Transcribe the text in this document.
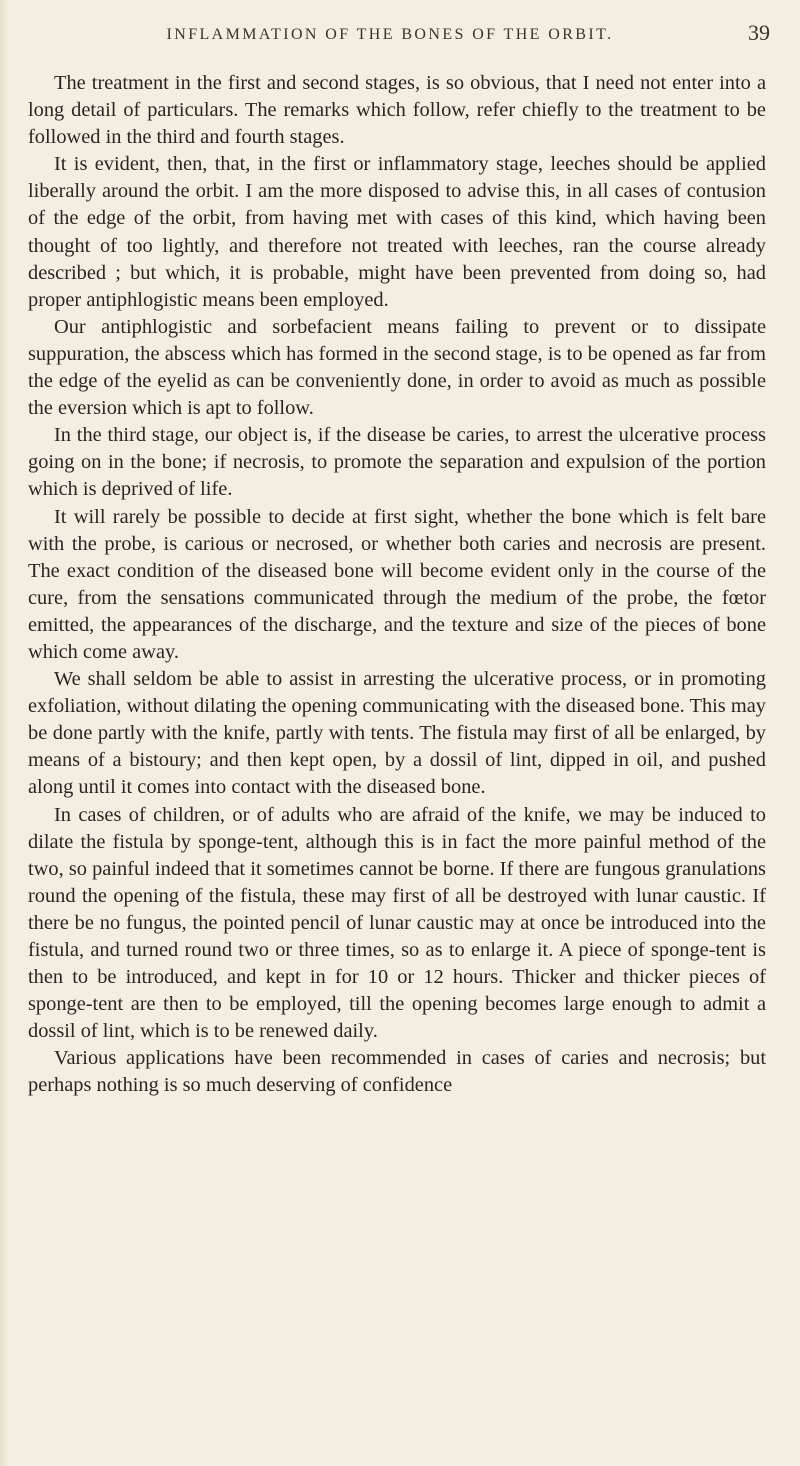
INFLAMMATION OF THE BONES OF THE ORBIT.	39

The treatment in the first and second stages, is so obvious, that I need not enter into a long detail of particulars. The remarks which follow, refer chiefly to the treatment to be followed in the third and fourth stages.

It is evident, then, that, in the first or inflammatory stage, leeches should be applied liberally around the orbit. I am the more disposed to advise this, in all cases of contusion of the edge of the orbit, from having met with cases of this kind, which having been thought of too lightly, and therefore not treated with leeches, ran the course already described ; but which, it is probable, might have been prevented from doing so, had proper antiphlogistic means been employed.

Our antiphlogistic and sorbefacient means failing to prevent or to dissipate suppuration, the abscess which has formed in the second stage, is to be opened as far from the edge of the eyelid as can be conveniently done, in order to avoid as much as possible the eversion which is apt to follow.

In the third stage, our object is, if the disease be caries, to arrest the ulcerative process going on in the bone; if necrosis, to promote the separation and expulsion of the portion which is deprived of life.

It will rarely be possible to decide at first sight, whether the bone which is felt bare with the probe, is carious or necrosed, or whether both caries and necrosis are present. The exact condition of the diseased bone will become evident only in the course of the cure, from the sensations communicated through the medium of the probe, the fœtor emitted, the appearances of the discharge, and the texture and size of the pieces of bone which come away.

We shall seldom be able to assist in arresting the ulcerative process, or in promoting exfoliation, without dilating the opening communicating with the diseased bone. This may be done partly with the knife, partly with tents. The fistula may first of all be enlarged, by means of a bistoury; and then kept open, by a dossil of lint, dipped in oil, and pushed along until it comes into contact with the diseased bone.

In cases of children, or of adults who are afraid of the knife, we may be induced to dilate the fistula by sponge-tent, although this is in fact the more painful method of the two, so painful indeed that it sometimes cannot be borne. If there are fungous granulations round the opening of the fistula, these may first of all be destroyed with lunar caustic. If there be no fungus, the pointed pencil of lunar caustic may at once be introduced into the fistula, and turned round two or three times, so as to enlarge it. A piece of sponge-tent is then to be introduced, and kept in for 10 or 12 hours. Thicker and thicker pieces of sponge-tent are then to be employed, till the opening becomes large enough to admit a dossil of lint, which is to be renewed daily.

Various applications have been recommended in cases of caries and necrosis; but perhaps nothing is so much deserving of confidence
